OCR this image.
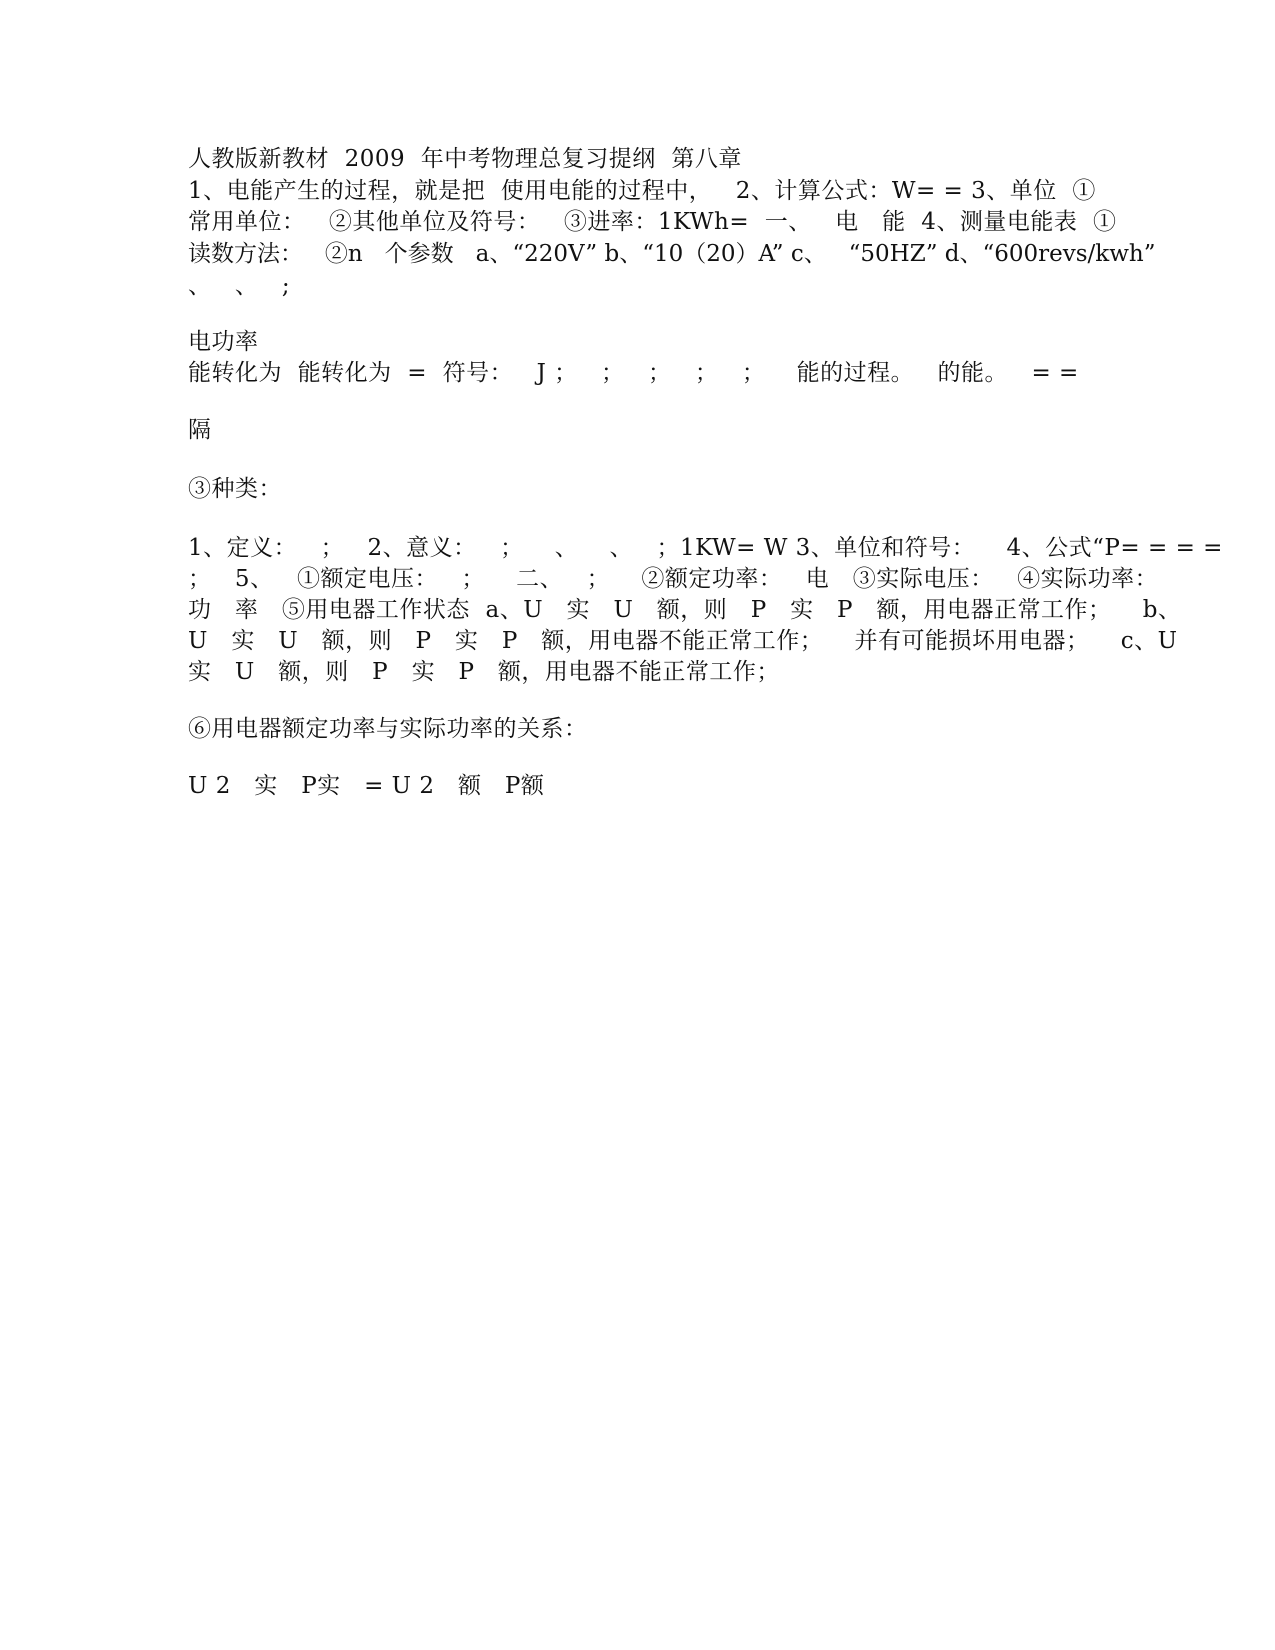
人教版新教材  2009  年中考物理总复习提纲  第八章
1、电能产生的过程，就是把  使用电能的过程中，   2、计算公式：W= = 3、单位  ①
常用单位：   ②其他单位及符号：   ③进率：1KWh=  一、   电   能  4、测量电能表  ①
读数方法：   ②n   个参数   a、“220V” b、“10（20）A” c、   “50HZ” d、“600revs/kwh”
、   、   ;
电功率
能转化为  能转化为  =  符号：   J ；   ；   ；   ；   ；    能的过程。   的能。   = =
隔
③种类：
1、定义：   ；   2、意义：   ；    、    、   ；1KW= W 3、单位和符号：    4、公式“P= = = =
；   5、   ①额定电压：   ；    二、   ；    ②额定功率：   电   ③实际电压：   ④实际功率：
功   率   ⑤用电器工作状态  a、U   实   U   额，则   P   实   P   额，用电器正常工作；    b、
U   实   U   额，则   P   实   P   额，用电器不能正常工作；    并有可能损坏用电器；    c、U
实   U   额，则   P   实   P   额，用电器不能正常工作；
⑥用电器额定功率与实际功率的关系：
U 2   实   P实   = U 2   额   P额
